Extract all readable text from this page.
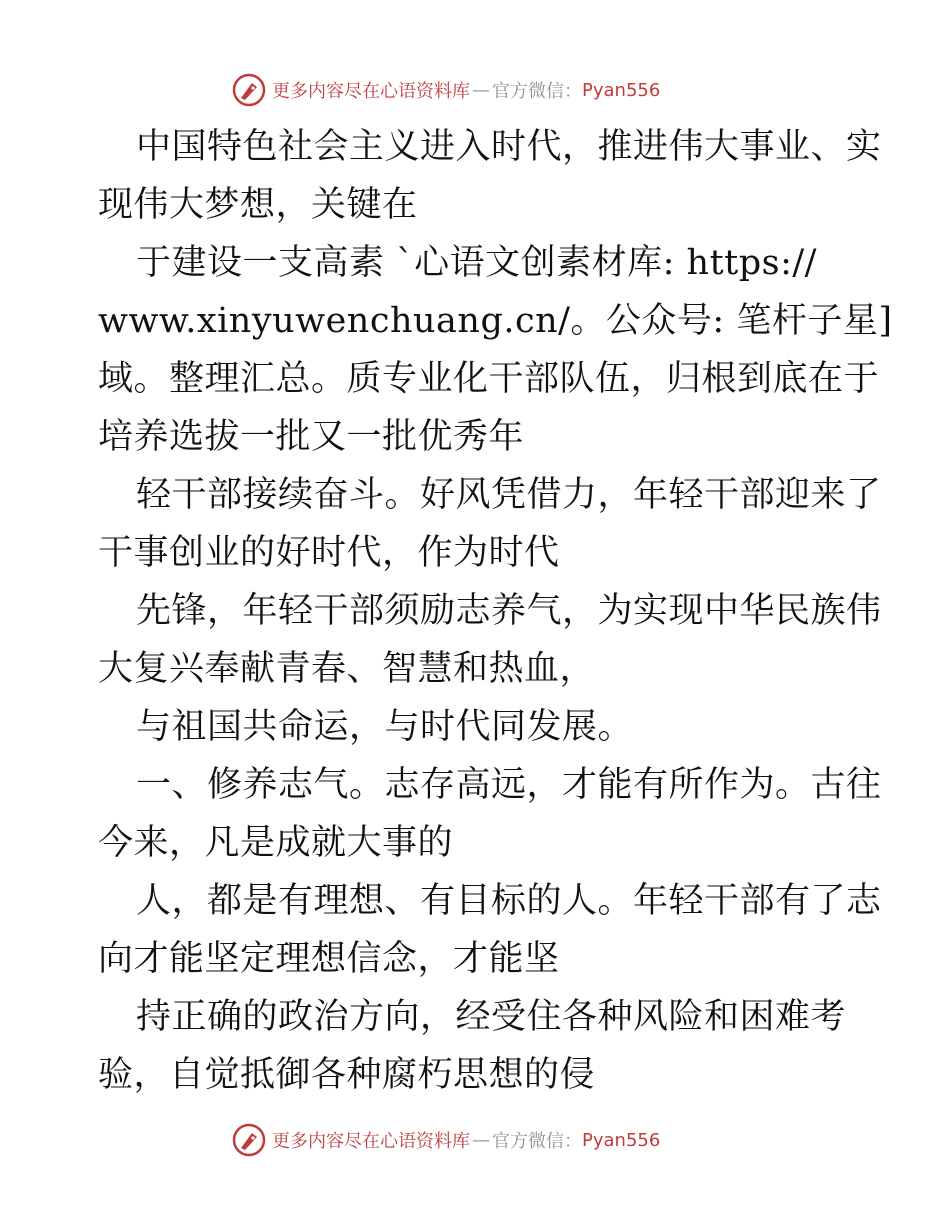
更多内容尽在心语资料库 — 官方微信： Pyan556
中国特色社会主义进入时代，推进伟大事业、实
现伟大梦想，关键在
于建设一支高素 `心语文创素材库: https://
www.xinyuwenchuang.cn/。公众号: 笔杆子星]
域。整理汇总。质专业化干部队伍，归根到底在于
培养选拔一批又一批优秀年
轻干部接续奋斗。好风凭借力，年轻干部迎来了
干事创业的好时代，作为时代
先锋，年轻干部须励志养气，为实现中华民族伟
大复兴奉献青春、智慧和热血，
与祖国共命运，与时代同发展。
一、修养志气。志存高远，才能有所作为。古往
今来，凡是成就大事的
人，都是有理想、有目标的人。年轻干部有了志
向才能坚定理想信念，才能坚
持正确的政治方向，经受住各种风险和困难考
验，自觉抵御各种腐朽思想的侵
更多内容尽在心语资料库 — 官方微信： Pyan556
